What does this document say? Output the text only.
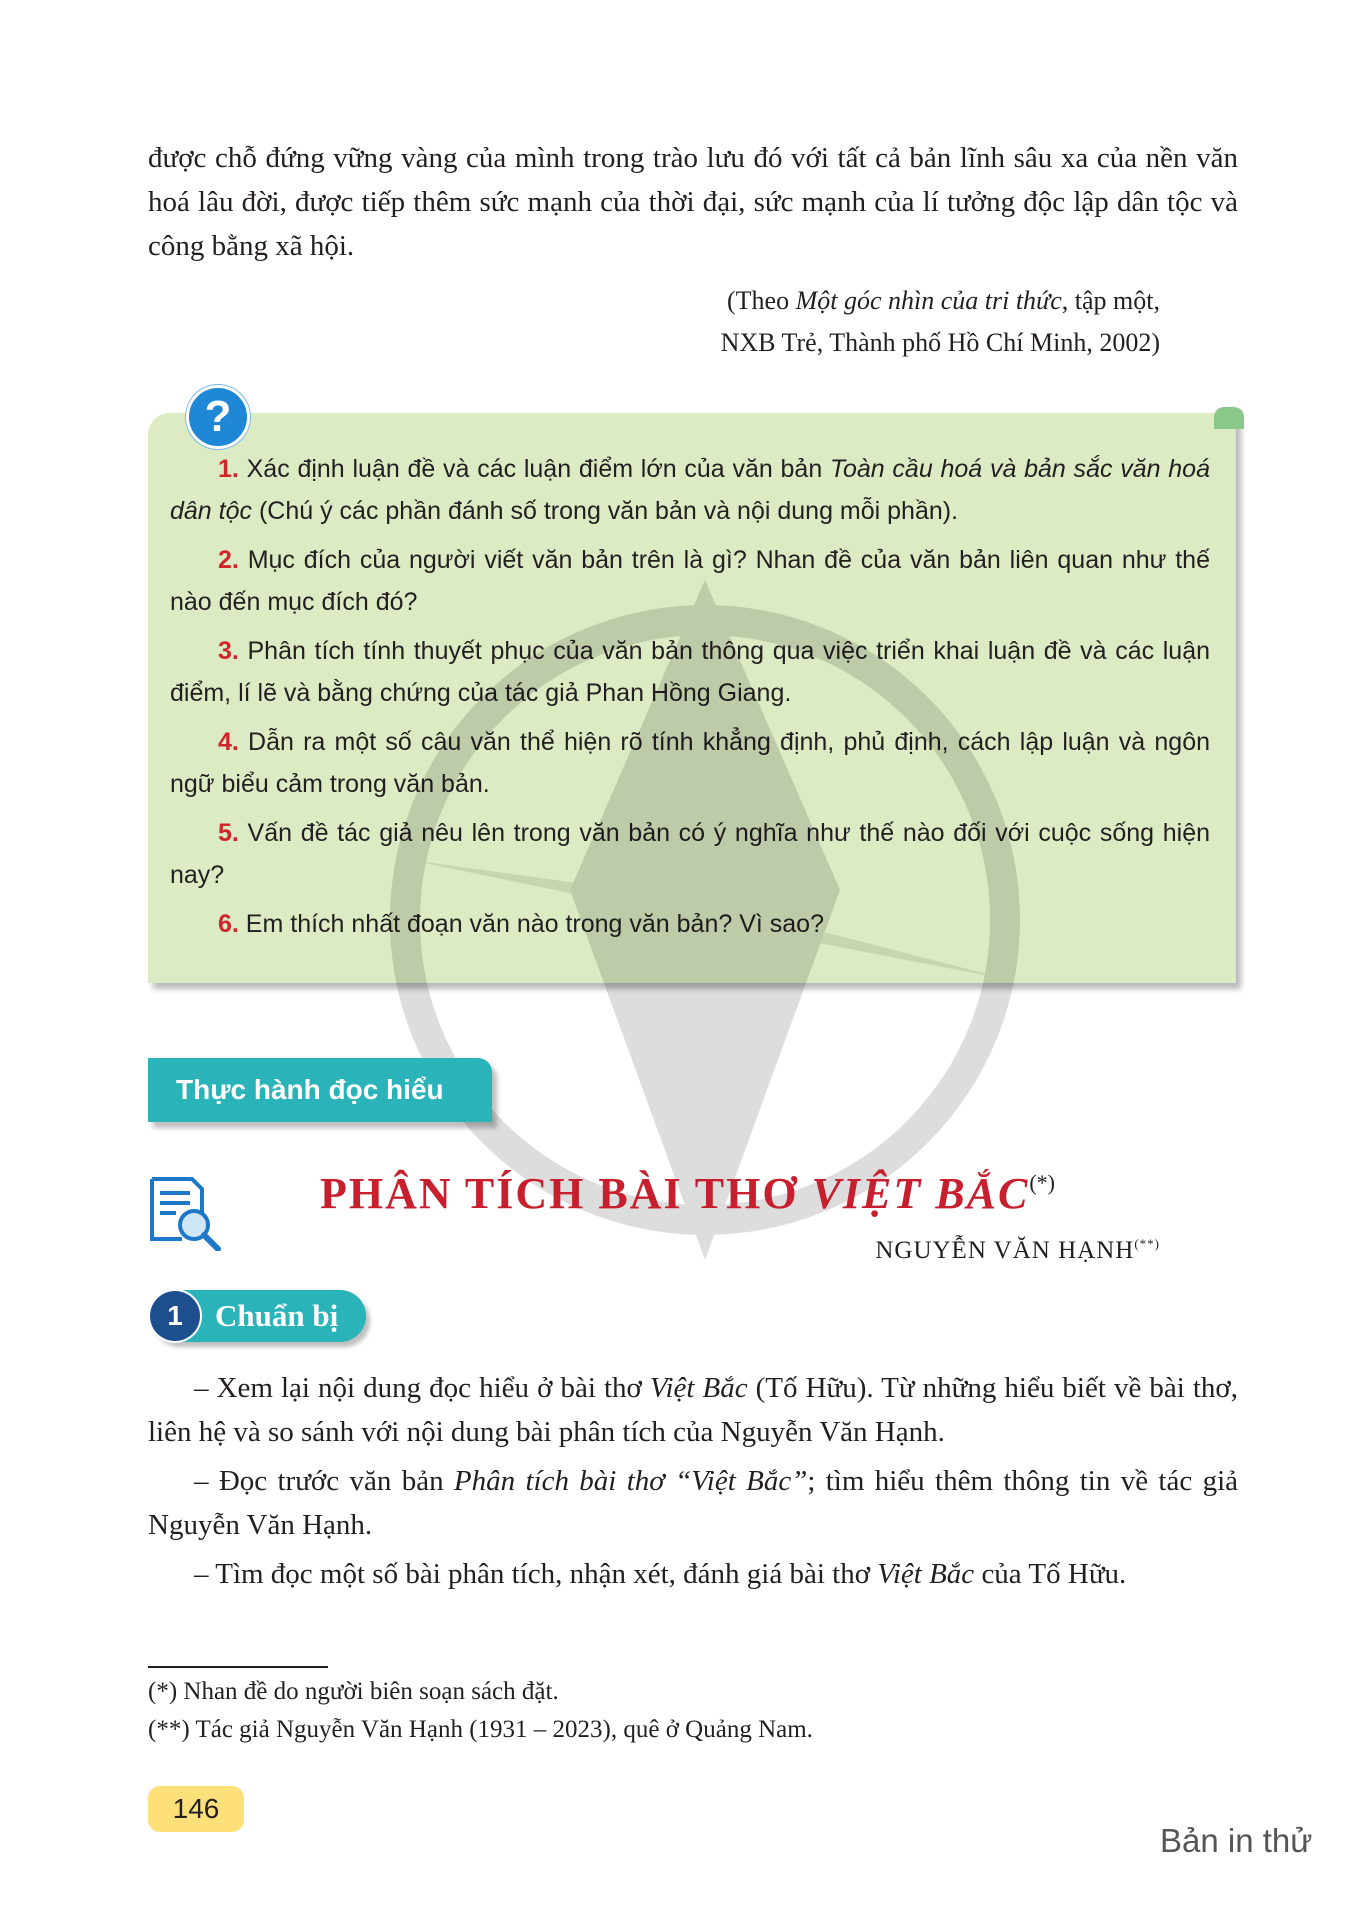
được chỗ đứng vững vàng của mình trong trào lưu đó với tất cả bản lĩnh sâu xa của nền văn hoá lâu đời, được tiếp thêm sức mạnh của thời đại, sức mạnh của lí tưởng độc lập dân tộc và công bằng xã hội.

(Theo Một góc nhìn của tri thức, tập một,
NXB Trẻ, Thành phố Hồ Chí Minh, 2002)
?

1. Xác định luận đề và các luận điểm lớn của văn bản Toàn cầu hoá và bản sắc văn hoá dân tộc (Chú ý các phần đánh số trong văn bản và nội dung mỗi phần).

2. Mục đích của người viết văn bản trên là gì? Nhan đề của văn bản liên quan như thế nào đến mục đích đó?

3. Phân tích tính thuyết phục của văn bản thông qua việc triển khai luận đề và các luận điểm, lí lẽ và bằng chứng của tác giả Phan Hồng Giang.

4. Dẫn ra một số câu văn thể hiện rõ tính khẳng định, phủ định, cách lập luận và ngôn ngữ biểu cảm trong văn bản.

5. Vấn đề tác giả nêu lên trong văn bản có ý nghĩa như thế nào đối với cuộc sống hiện nay?

6. Em thích nhất đoạn văn nào trong văn bản? Vì sao?

Thực hành đọc hiểu
PHÂN TÍCH BÀI THƠ VIỆT BẮC(*)
NGUYỄN VĂN HẠNH(**)
1	Chuẩn bị

– Xem lại nội dung đọc hiểu ở bài thơ Việt Bắc (Tố Hữu). Từ những hiểu biết về bài thơ, liên hệ và so sánh với nội dung bài phân tích của Nguyễn Văn Hạnh.

– Đọc trước văn bản Phân tích bài thơ “Việt Bắc”; tìm hiểu thêm thông tin về tác giả Nguyễn Văn Hạnh.

– Tìm đọc một số bài phân tích, nhận xét, đánh giá bài thơ Việt Bắc của Tố Hữu.

(*) Nhan đề do người biên soạn sách đặt.

(**) Tác giả Nguyễn Văn Hạnh (1931 – 2023), quê ở Quảng Nam.

146
Bản in thử
